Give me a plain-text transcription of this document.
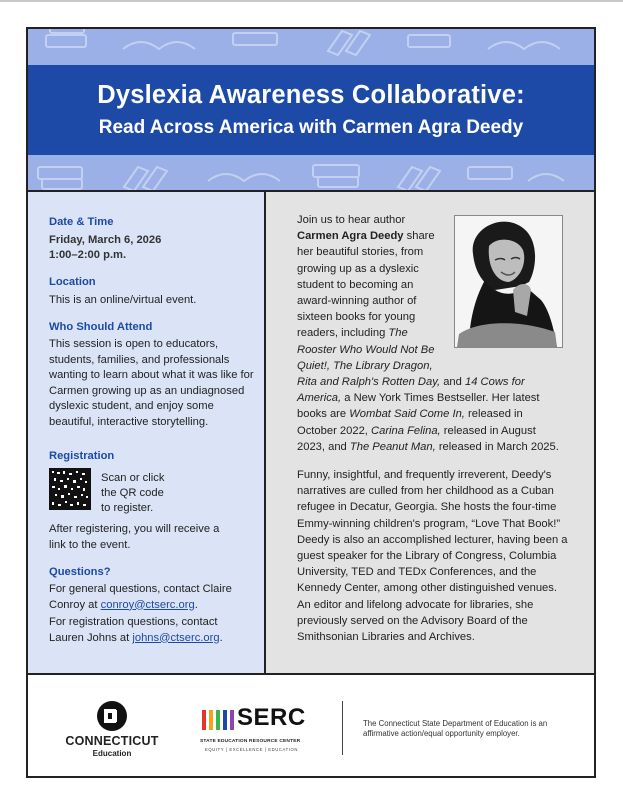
Dyslexia Awareness Collaborative:
Read Across America with Carmen Agra Deedy
Date & Time
Friday, March 6, 2026
1:00–2:00 p.m.
Location
This is an online/virtual event.
Who Should Attend
This session is open to educators, students, families, and professionals wanting to learn about what it was like for Carmen growing up as an undiagnosed dyslexic student, and enjoy some beautiful, interactive storytelling.
Registration
Scan or click
the QR code
to register.
After registering, you will receive a link to the event.
Questions?
For general questions, contact Claire Conroy at conroy@ctserc.org.
For registration questions, contact Lauren Johns at johns@ctserc.org.

Join us to hear author Carmen Agra Deedy share her beautiful stories, from growing up as a dyslexic student to becoming an award-winning author of sixteen books for young readers, including The Rooster Who Would Not Be Quiet!, The Library Dragon, Rita and Ralph's Rotten Day, and 14 Cows for America, a New York Times Bestseller. Her latest books are Wombat Said Come In, released in October 2022, Carina Felina, released in August 2023, and The Peanut Man, released in March 2025.

Funny, insightful, and frequently irreverent, Deedy's narratives are culled from her childhood as a Cuban refugee in Decatur, Georgia. She hosts the four-time Emmy-winning children's program, “Love That Book!” Deedy is also an accomplished lecturer, having been a guest speaker for the Library of Congress, Columbia University, TED and TEDx Conferences, and the Kennedy Center, among other distinguished venues. An editor and lifelong advocate for libraries, she previously served on the Advisory Board of the Smithsonian Libraries and Archives.

CONNECTICUT
Education
SERC
STATE EDUCATION RESOURCE CENTER
EQUITY | EXCELLENCE | EDUCATION
The Connecticut State Department of Education is an affirmative action/equal opportunity employer.
